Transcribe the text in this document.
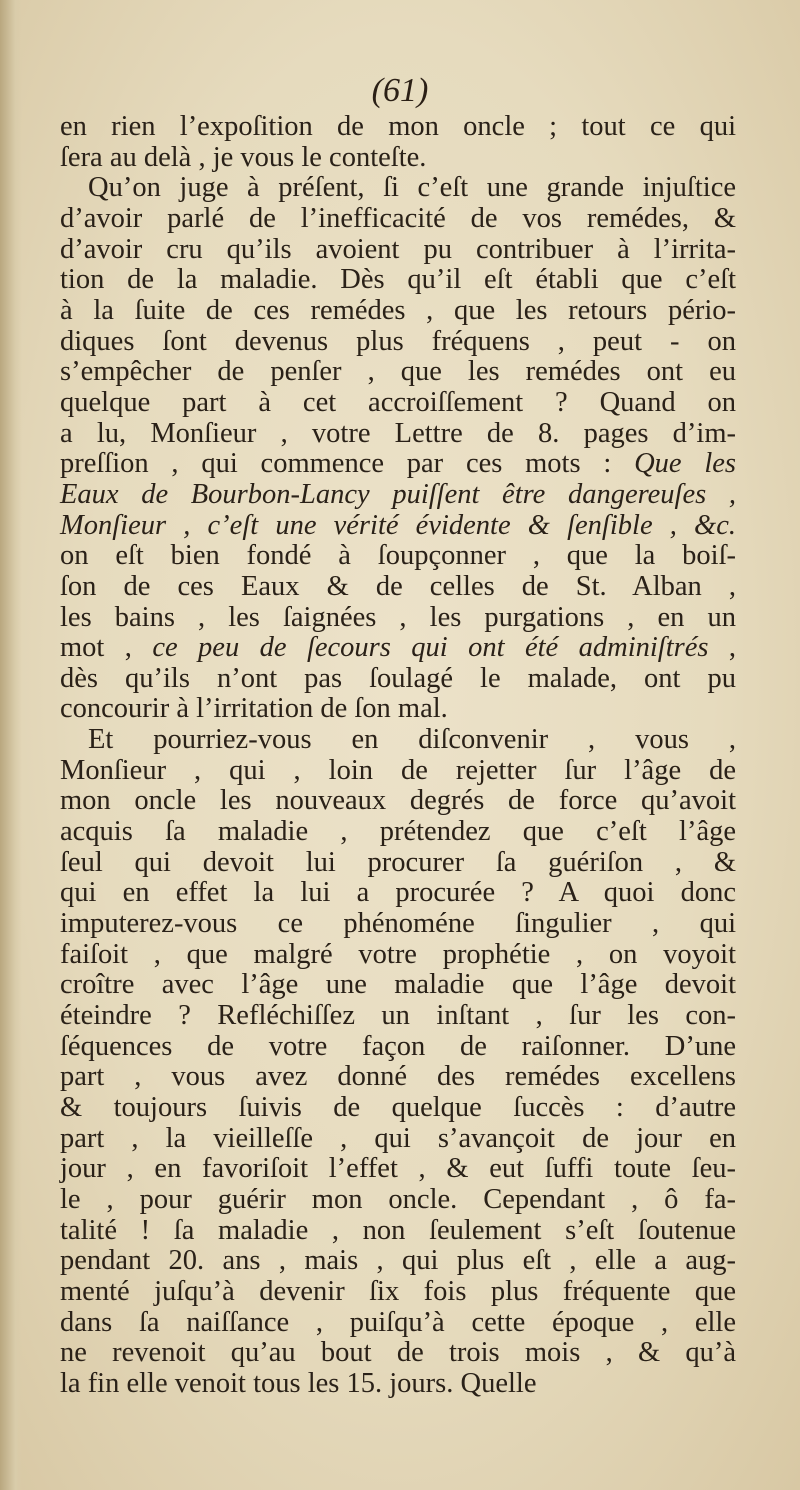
(61)
en rien l’expoſition de mon oncle ; tout ce qui
ſera au delà , je vous le conteſte.
Qu’on juge à préſent, ſi c’eſt une grande injuſtice
d’avoir parlé de l’inefficacité de vos remédes, &
d’avoir cru qu’ils avoient pu contribuer à l’irrita-
tion de la maladie. Dès qu’il eſt établi que c’eſt
à la ſuite de ces remédes , que les retours pério-
diques ſont devenus plus fréquens , peut - on
s’empêcher de penſer , que les remédes ont eu
quelque part à cet accroiſſement ? Quand on
a lu, Monſieur , votre Lettre de 8. pages d’im-
preſſion , qui commence par ces mots : Que les
Eaux de Bourbon-Lancy puiſſent être dangereuſes ,
Monſieur , c’eſt une vérité évidente & ſenſible , &c.
on eſt bien fondé à ſoupçonner , que la boiſ-
ſon de ces Eaux & de celles de St. Alban ,
les bains , les ſaignées , les purgations , en un
mot , ce peu de ſecours qui ont été adminiſtrés ,
dès qu’ils n’ont pas ſoulagé le malade, ont pu
concourir à l’irritation de ſon mal.
Et pourriez-vous en diſconvenir , vous ,
Monſieur , qui , loin de rejetter ſur l’âge de
mon oncle les nouveaux degrés de force qu’avoit
acquis ſa maladie , prétendez que c’eſt l’âge
ſeul qui devoit lui procurer ſa guériſon , &
qui en effet la lui a procurée ? A quoi donc
imputerez-vous ce phénoméne ſingulier , qui
faiſoit , que malgré votre prophétie , on voyoit
croître avec l’âge une maladie que l’âge devoit
éteindre ? Refléchiſſez un inſtant , ſur les con-
ſéquences de votre façon de raiſonner. D’une
part , vous avez donné des remédes excellens
& toujours ſuivis de quelque ſuccès : d’autre
part , la vieilleſſe , qui s’avançoit de jour en
jour , en favoriſoit l’effet , & eut ſuffi toute ſeu-
le , pour guérir mon oncle. Cependant , ô fa-
talité ! ſa maladie , non ſeulement s’eſt ſoutenue
pendant 20. ans , mais , qui plus eſt , elle a aug-
menté juſqu’à devenir ſix fois plus fréquente que
dans ſa naiſſance , puiſqu’à cette époque , elle
ne revenoit qu’au bout de trois mois , & qu’à
la fin elle venoit tous les 15. jours. Quelle
